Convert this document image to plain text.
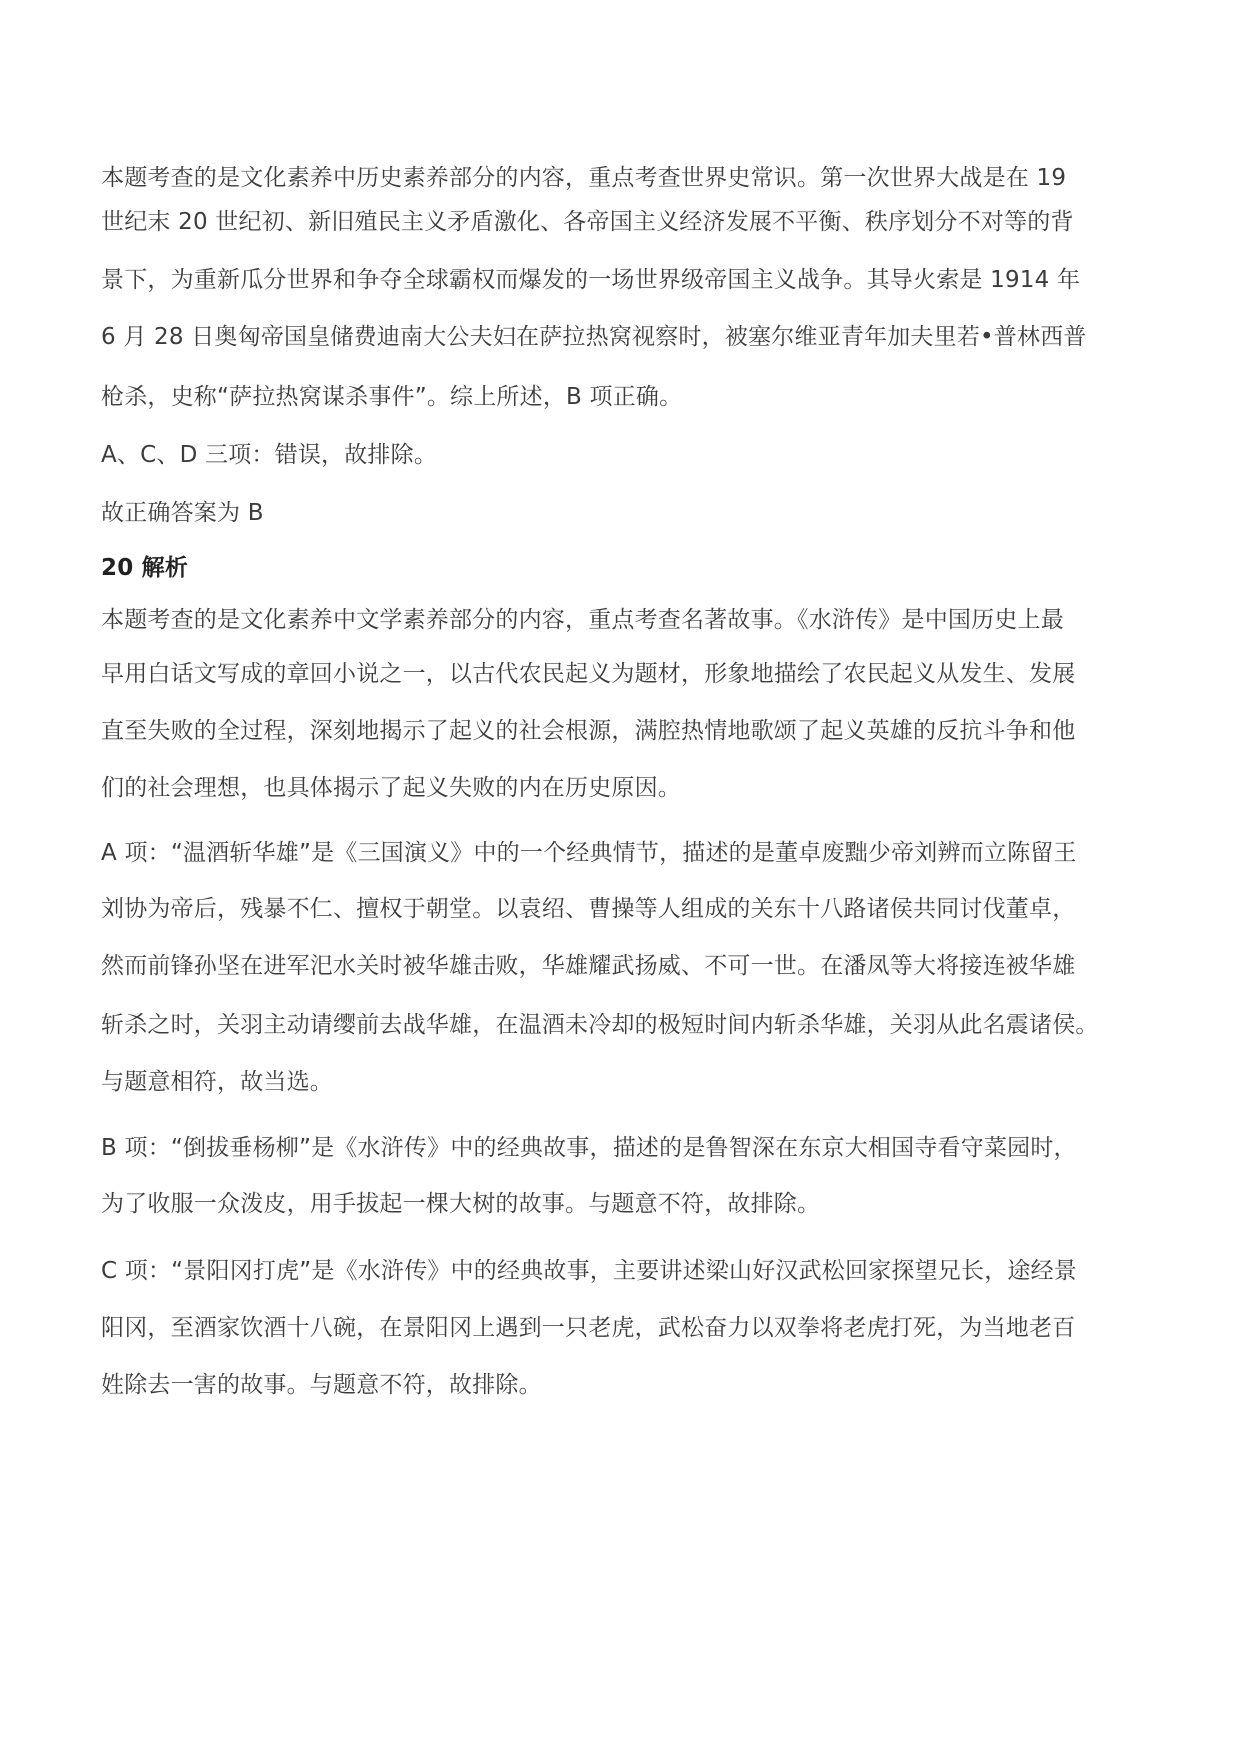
本题考查的是文化素养中历史素养部分的内容，重点考查世界史常识。第一次世界大战是在 19
世纪末 20 世纪初、新旧殖民主义矛盾激化、各帝国主义经济发展不平衡、秩序划分不对等的背
景下，为重新瓜分世界和争夺全球霸权而爆发的一场世界级帝国主义战争。其导火索是 1914 年
6 月 28 日奥匈帝国皇储费迪南大公夫妇在萨拉热窝视察时，被塞尔维亚青年加夫里若•普林西普
枪杀，史称“萨拉热窝谋杀事件”。综上所述，B 项正确。
A、C、D 三项：错误，故排除。
故正确答案为 B
20 解析
本题考查的是文化素养中文学素养部分的内容，重点考查名著故事。《水浒传》是中国历史上最
早用白话文写成的章回小说之一，以古代农民起义为题材，形象地描绘了农民起义从发生、发展
直至失败的全过程，深刻地揭示了起义的社会根源，满腔热情地歌颂了起义英雄的反抗斗争和他
们的社会理想，也具体揭示了起义失败的内在历史原因。
A 项：“温酒斩华雄”是《三国演义》中的一个经典情节，描述的是董卓废黜少帝刘辨而立陈留王
刘协为帝后，残暴不仁、擅权于朝堂。以袁绍、曹操等人组成的关东十八路诸侯共同讨伐董卓，
然而前锋孙坚在进军汜水关时被华雄击败，华雄耀武扬威、不可一世。在潘凤等大将接连被华雄
斩杀之时，关羽主动请缨前去战华雄，在温酒未冷却的极短时间内斩杀华雄，关羽从此名震诸侯。
与题意相符，故当选。
B 项：“倒拔垂杨柳”是《水浒传》中的经典故事，描述的是鲁智深在东京大相国寺看守菜园时，
为了收服一众泼皮，用手拔起一棵大树的故事。与题意不符，故排除。
C 项：“景阳冈打虎”是《水浒传》中的经典故事，主要讲述梁山好汉武松回家探望兄长，途经景
阳冈，至酒家饮酒十八碗，在景阳冈上遇到一只老虎，武松奋力以双拳将老虎打死，为当地老百
姓除去一害的故事。与题意不符，故排除。
